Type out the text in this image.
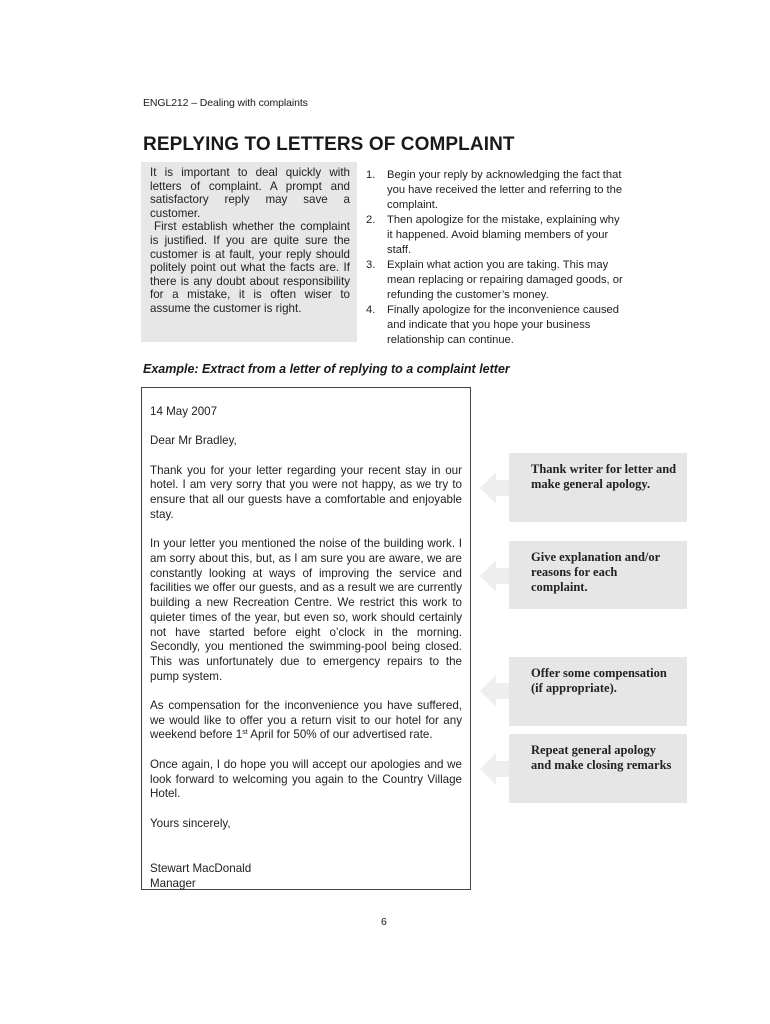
ENGL212 – Dealing with complaints
REPLYING TO LETTERS OF COMPLAINT

It is important to deal quickly with letters of complaint. A prompt and satisfactory reply may save a customer.

First establish whether the complaint is justified. If you are quite sure the customer is at fault, your reply should politely point out what the facts are. If there is any doubt about responsibility for a mistake, it is often wiser to assume the customer is right.

1. Begin your reply by acknowledging the fact that you have received the letter and referring to the complaint.
2. Then apologize for the mistake, explaining why it happened. Avoid blaming members of your staff.
3. Explain what action you are taking. This may mean replacing or repairing damaged goods, or refunding the customer’s money.
4. Finally apologize for the inconvenience caused and indicate that you hope your business relationship can continue.
Example: Extract from a letter of replying to a complaint letter

14 May 2007

Dear Mr Bradley,

Thank you for your letter regarding your recent stay in our hotel. I am very sorry that you were not happy, as we try to ensure that all our guests have a comfortable and enjoyable stay.

In your letter you mentioned the noise of the building work. I am sorry about this, but, as I am sure you are aware, we are constantly looking at ways of improving the service and facilities we offer our guests, and as a result we are currently building a new Recreation Centre. We restrict this work to quieter times of the year, but even so, work should certainly not have started before eight o’clock in the morning. Secondly, you mentioned the swimming-pool being closed. This was unfortunately due to emergency repairs to the pump system.

As compensation for the inconvenience you have suffered, we would like to offer you a return visit to our hotel for any weekend before 1st April for 50% of our advertised rate.

Once again, I do hope you will accept our apologies and we look forward to welcoming you again to the Country Village Hotel.

Yours sincerely,

Stewart MacDonald

Manager

Thank writer for letter and make general apology.
Give explanation and/or reasons for each complaint.
Offer some compensation (if appropriate).
Repeat general apology and make closing remarks
6
